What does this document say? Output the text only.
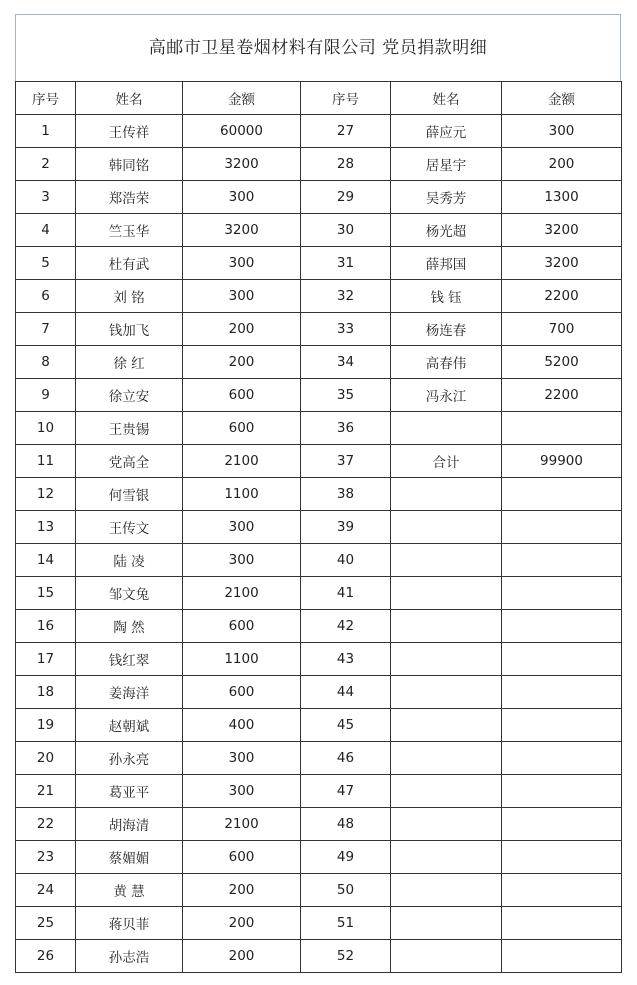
高邮市卫星卷烟材料有限公司 党员捐款明细
序号	姓名	金额	序号	姓名	金额
1	王传祥	60000	27	薛应元	300
2	韩同铭	3200	28	居星宇	200
3	郑浩荣	300	29	吴秀芳	1300
4	竺玉华	3200	30	杨光超	3200
5	杜有武	300	31	薛邦国	3200
6	刘 铭	300	32	钱 钰	2200
7	钱加飞	200	33	杨连春	700
8	徐 红	200	34	高春伟	5200
9	徐立安	600	35	冯永江	2200
10	王贵锡	600	36		
11	党高全	2100	37	合计	99900
12	何雪银	1100	38		
13	王传文	300	39		
14	陆 凌	300	40		
15	邹文兔	2100	41		
16	陶 然	600	42		
17	钱红翠	1100	43		
18	姜海洋	600	44		
19	赵朝斌	400	45		
20	孙永亮	300	46		
21	葛亚平	300	47		
22	胡海清	2100	48		
23	蔡媚媚	600	49		
24	黄 慧	200	50		
25	蒋贝菲	200	51		
26	孙志浩	200	52		
